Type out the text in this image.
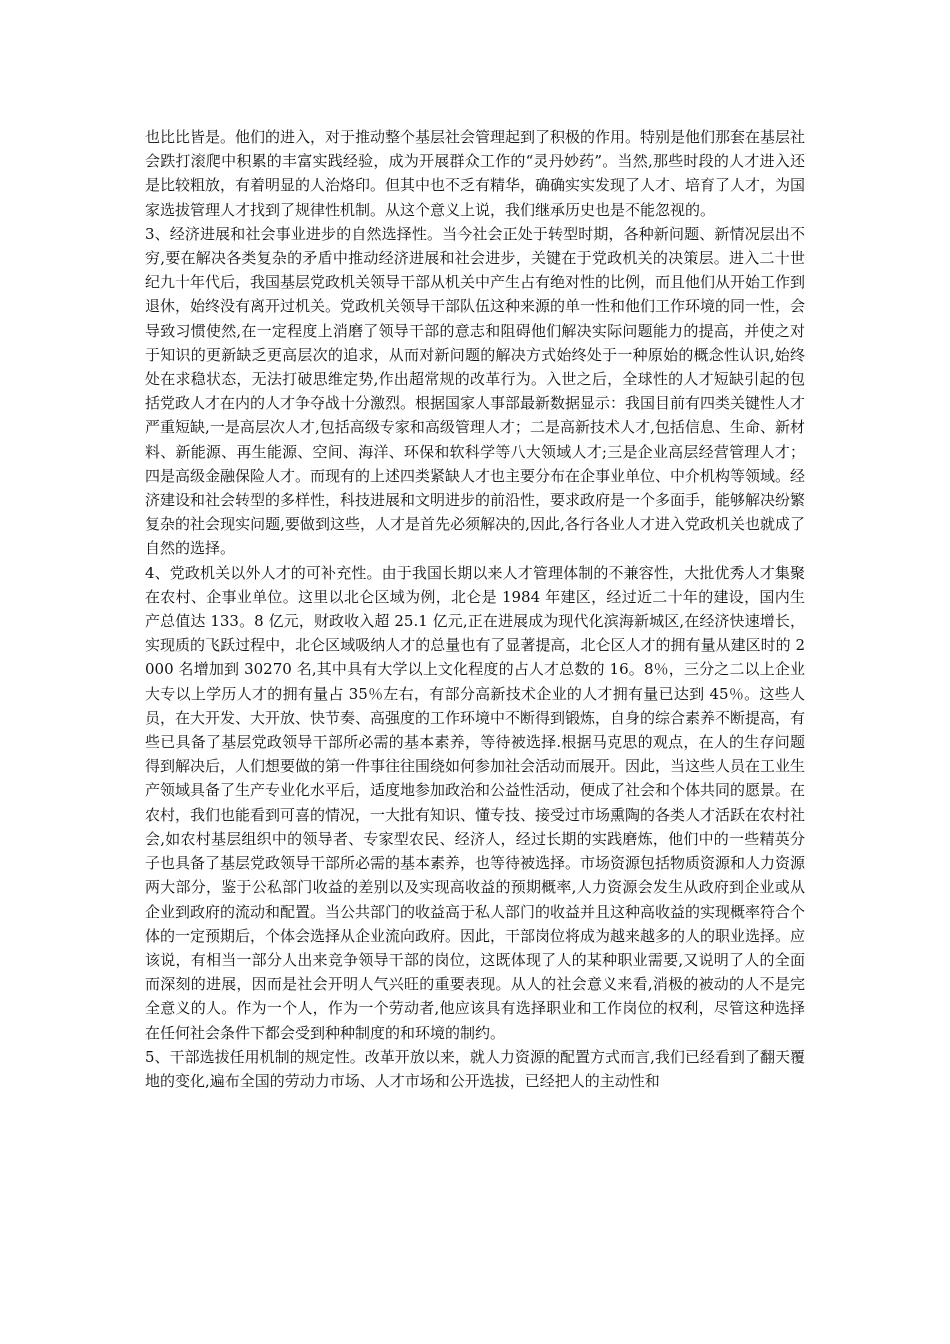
也比比皆是。他们的进入，对于推动整个基层社会管理起到了积极的作用。特别是他们那套在基层社会跌打滚爬中积累的丰富实践经验，成为开展群众工作的“灵丹妙药”。当然,那些时段的人才进入还是比较粗放，有着明显的人治烙印。但其中也不乏有精华，确确实实发现了人才、培育了人才，为国家选拔管理人才找到了规律性机制。从这个意义上说，我们继承历史也是不能忽视的。

3、经济进展和社会事业进步的自然选择性。当今社会正处于转型时期，各种新问题、新情况层出不穷,要在解决各类复杂的矛盾中推动经济进展和社会进步，关键在于党政机关的决策层。进入二十世纪九十年代后，我国基层党政机关领导干部从机关中产生占有绝对性的比例，而且他们从开始工作到退休，始终没有离开过机关。党政机关领导干部队伍这种来源的单一性和他们工作环境的同一性，会导致习惯使然,在一定程度上消磨了领导干部的意志和阻碍他们解决实际问题能力的提高，并使之对于知识的更新缺乏更高层次的追求，从而对新问题的解决方式始终处于一种原始的概念性认识,始终处在求稳状态，无法打破思维定势,作出超常规的改革行为。入世之后，全球性的人才短缺引起的包括党政人才在内的人才争夺战十分激烈。根据国家人事部最新数据显示：我国目前有四类关键性人才严重短缺,一是高层次人才,包括高级专家和高级管理人才；二是高新技术人才,包括信息、生命、新材料、新能源、再生能源、空间、海洋、环保和软科学等八大领域人才;三是企业高层经营管理人才；四是高级金融保险人才。而现有的上述四类紧缺人才也主要分布在企事业单位、中介机构等领域。经济建设和社会转型的多样性，科技进展和文明进步的前沿性，要求政府是一个多面手，能够解决纷繁复杂的社会现实问题,要做到这些，人才是首先必须解决的,因此,各行各业人才进入党政机关也就成了自然的选择。

4、党政机关以外人才的可补充性。由于我国长期以来人才管理体制的不兼容性，大批优秀人才集聚在农村、企事业单位。这里以北仑区域为例，北仑是 1984 年建区，经过近二十年的建设，国内生产总值达 133。8 亿元，财政收入超 25.1 亿元,正在进展成为现代化滨海新城区,在经济快速增长，实现质的飞跃过程中，北仑区域吸纳人才的总量也有了显著提高，北仑区人才的拥有量从建区时的 2000 名增加到 30270 名,其中具有大学以上文化程度的占人才总数的 16。8％，三分之二以上企业大专以上学历人才的拥有量占 35％左右，有部分高新技术企业的人才拥有量已达到 45％。这些人员，在大开发、大开放、快节奏、高强度的工作环境中不断得到锻炼，自身的综合素养不断提高，有些已具备了基层党政领导干部所必需的基本素养，等待被选择.根据马克思的观点，在人的生存问题得到解决后，人们想要做的第一件事往往围绕如何参加社会活动而展开。因此，当这些人员在工业生产领域具备了生产专业化水平后，适度地参加政治和公益性活动，便成了社会和个体共同的愿景。在农村，我们也能看到可喜的情况，一大批有知识、懂专技、接受过市场熏陶的各类人才活跃在农村社会,如农村基层组织中的领导者、专家型农民、经济人，经过长期的实践磨炼，他们中的一些精英分子也具备了基层党政领导干部所必需的基本素养，也等待被选择。市场资源包括物质资源和人力资源两大部分，鉴于公私部门收益的差别以及实现高收益的预期概率,人力资源会发生从政府到企业或从企业到政府的流动和配置。当公共部门的收益高于私人部门的收益并且这种高收益的实现概率符合个体的一定预期后，个体会选择从企业流向政府。因此，干部岗位将成为越来越多的人的职业选择。应该说，有相当一部分人出来竞争领导干部的岗位，这既体现了人的某种职业需要,又说明了人的全面而深刻的进展，因而是社会开明人气兴旺的重要表现。从人的社会意义来看,消极的被动的人不是完全意义的人。作为一个人，作为一个劳动者,他应该具有选择职业和工作岗位的权利，尽管这种选择在任何社会条件下都会受到种种制度的和环境的制约。

5、干部选拔任用机制的规定性。改革开放以来，就人力资源的配置方式而言,我们已经看到了翻天覆地的变化,遍布全国的劳动力市场、人才市场和公开选拔，已经把人的主动性和
